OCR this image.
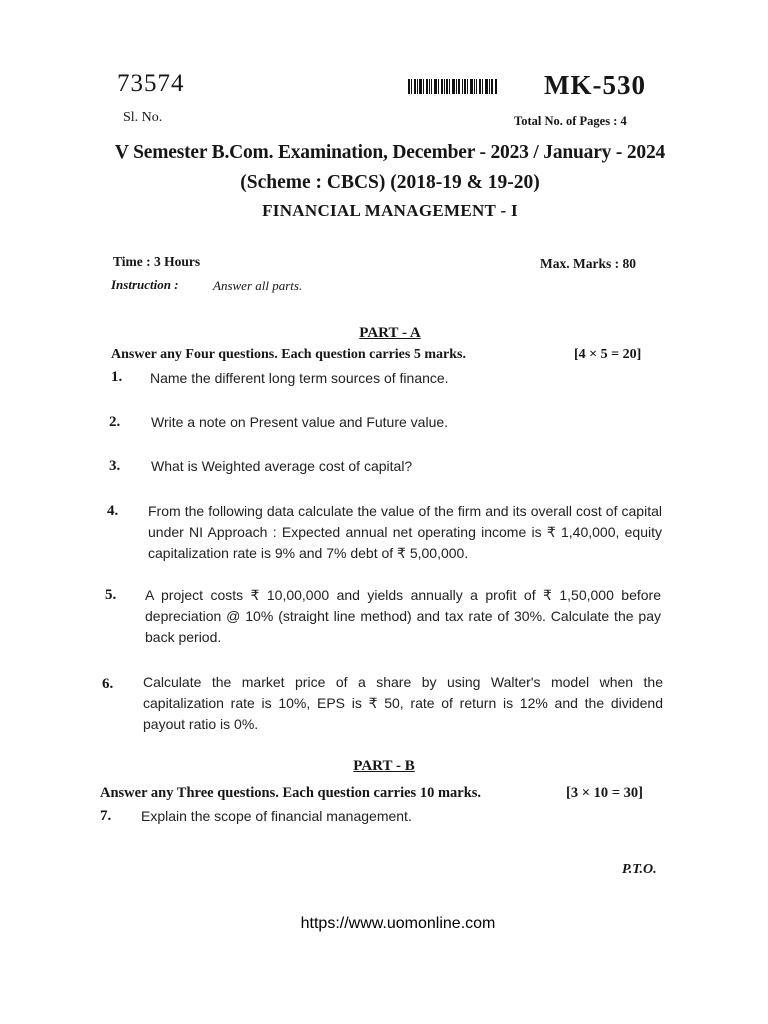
73574	MK-530
Sl. No.	Total No. of Pages : 4
V Semester B.Com. Examination, December - 2023 / January - 2024
(Scheme : CBCS) (2018-19 & 19-20)
FINANCIAL MANAGEMENT - I
Time : 3 Hours	Max. Marks : 80
Instruction :	Answer all parts.
PART - A
Answer any Four questions. Each question carries 5 marks.	[4 × 5 = 20]
1. Name the different long term sources of finance.
2. Write a note on Present value and Future value.
3. What is Weighted average cost of capital?
4. From the following data calculate the value of the firm and its overall cost of capital under NI Approach : Expected annual net operating income is ₹ 1,40,000, equity capitalization rate is 9% and 7% debt of ₹ 5,00,000.
5. A project costs ₹ 10,00,000 and yields annually a profit of ₹ 1,50,000 before depreciation @ 10% (straight line method) and tax rate of 30%. Calculate the pay back period.
6. Calculate the market price of a share by using Walter's model when the capitalization rate is 10%, EPS is ₹ 50, rate of return is 12% and the dividend payout ratio is 0%.
PART - B
Answer any Three questions. Each question carries 10 marks.	[3 × 10 = 30]
7. Explain the scope of financial management.
P.T.O.
https://www.uomonline.com
